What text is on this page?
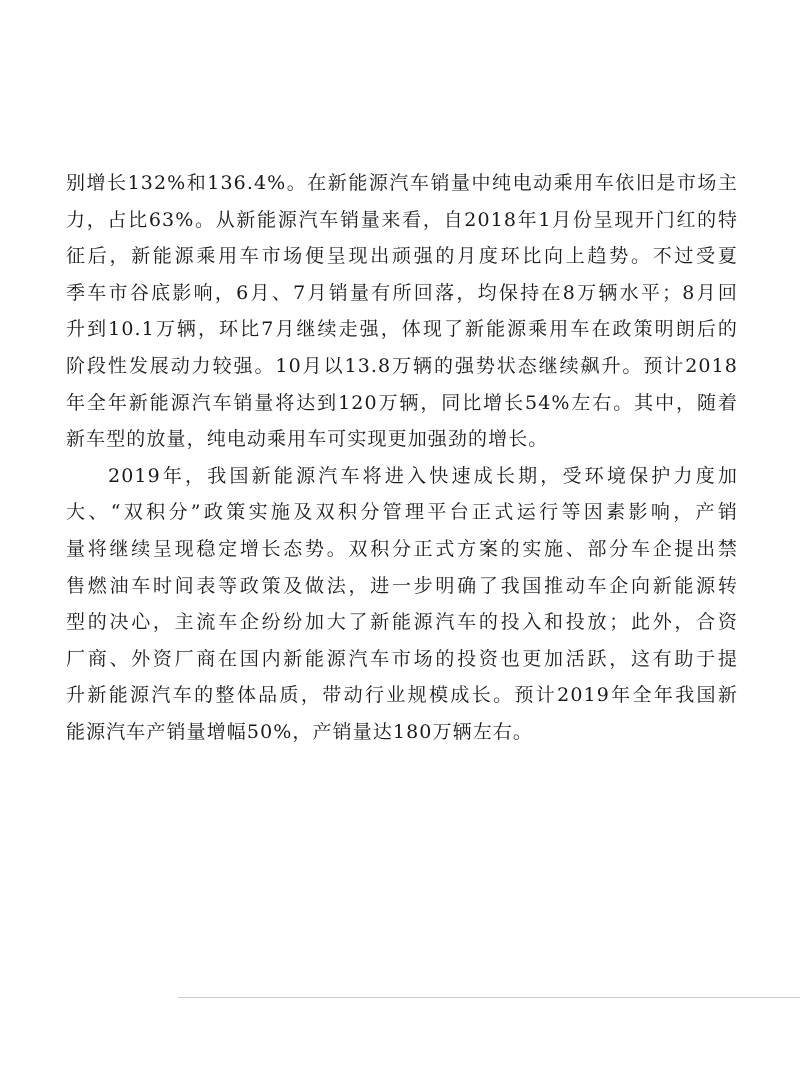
别增长132%和136.4%。在新能源汽车销量中纯电动乘用车依旧是市场主
力，占比63%。从新能源汽车销量来看，自2018年1月份呈现开门红的特
征后，新能源乘用车市场便呈现出顽强的月度环比向上趋势。不过受夏
季车市谷底影响，6月、7月销量有所回落，均保持在8万辆水平；8月回
升到10.1万辆，环比7月继续走强，体现了新能源乘用车在政策明朗后的
阶段性发展动力较强。10月以13.8万辆的强势状态继续飙升。预计2018
年全年新能源汽车销量将达到120万辆，同比增长54%左右。其中，随着
新车型的放量，纯电动乘用车可实现更加强劲的增长。
2019年，我国新能源汽车将进入快速成长期，受环境保护力度加
大、“双积分”政策实施及双积分管理平台正式运行等因素影响，产销
量将继续呈现稳定增长态势。双积分正式方案的实施、部分车企提出禁
售燃油车时间表等政策及做法，进一步明确了我国推动车企向新能源转
型的决心，主流车企纷纷加大了新能源汽车的投入和投放；此外，合资
厂商、外资厂商在国内新能源汽车市场的投资也更加活跃，这有助于提
升新能源汽车的整体品质，带动行业规模成长。预计2019年全年我国新
能源汽车产销量增幅50%，产销量达180万辆左右。
